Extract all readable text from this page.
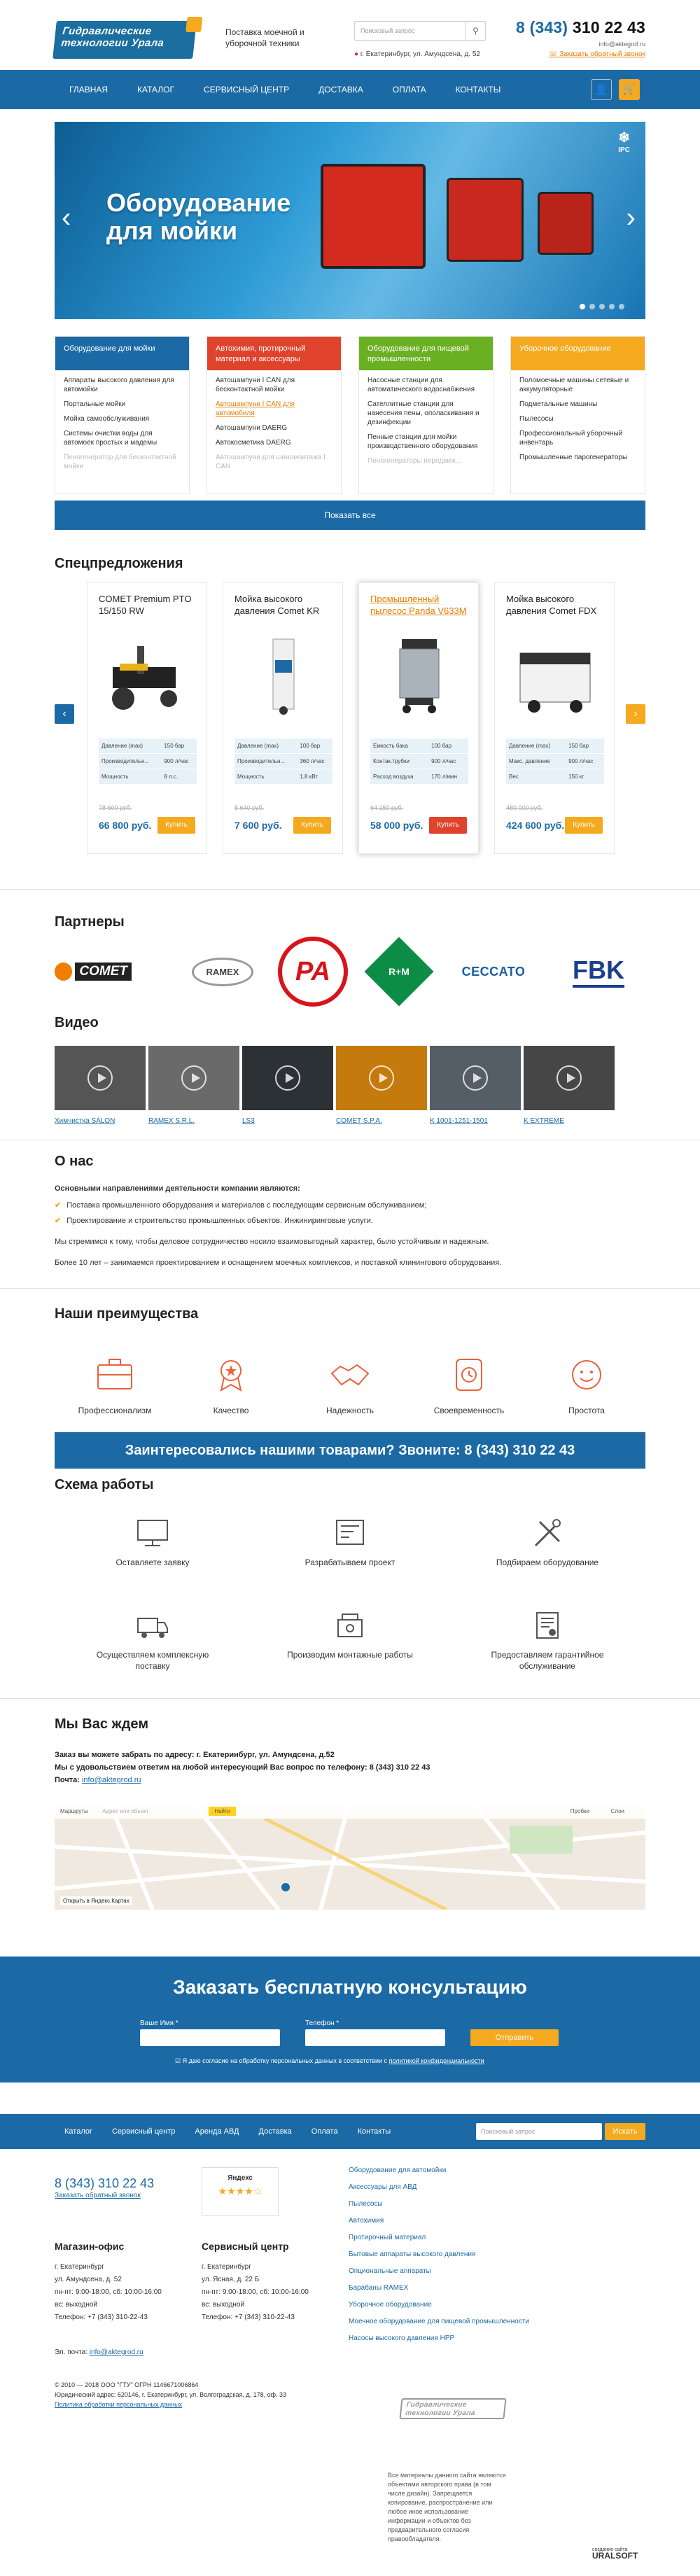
Гидравлические
технологии Урала
Поставка моечной и уборочной техники
Поисковый запрос	⚲
● г. Екатеринбург, ул. Амундсена, д. 52
8 (343) 310 22 43
info@aktegrof.ru
☏ Заказать обратный звонок
ГЛАВНАЯ	КАТАЛОГ	СЕРВИСНЫЙ ЦЕНТР	ДОСТАВКА	ОПЛАТА	КОНТАКТЫ	👤	🛒
Оборудование
для мойки
‹	›
❄
IPC
Оборудование для мойки
Аппараты высокого давления для автомойки
Портальные мойки
Мойка самообслуживания
Системы очистки воды для автомоек простых и мадемы
Пеногенератор для бесконтактной мойки
Автохимия, протирочный материал и аксессуары
Автошампуни I CAN для бесконтактной мойки
Автошампуни I CAN для автомобиля
Автошампуни DAERG
Автокосметика DAERG
Автошампуни для шиномонтажа I CAN
Оборудование для пищевой промышленности
Насосные станции для автоматического водоснабжения
Сателлитные станции для нанесения пены, ополаскивания и дезинфекции
Пенные станции для мойки производственного оборудования
Пеногенераторы передвиж...
Уборочное оборудование
Поломоечные машины сетевые и аккумуляторные
Подметальные машины
Пылесосы
Профессиональный уборочный инвентарь
Промышленные парогенераторы
Показать все
Спецпредложения
‹	›
COMET Premium PTO 15/150 RW
Давление (max)	150 бар
Производительн...	900 л/час
Мощность	8 л.с.
78 600 руб.
66 800 руб.	Купить
Мойка высокого давления Comet KR
Давление (max)	100 бар
Производительн...	360 л/час
Мощность	1,8 кВт
8 640 руб.
7 600 руб.	Купить
Промышленный пылесос Panda V633M
Емкость бака	100 бар
Контак.трубки	900 л/час
Расход воздуха	170 л/мин
64 150 руб.
58 000 руб.	Купить
Мойка высокого давления Comet FDX
Давление (max)	150 бар
Макс. давление	900 л/час
Вес	150 кг
480 000 руб.
424 600 руб.	Купить
Партнеры
COMET	RAMEX	PA	R+M	CECCATO FBK
Видео
Химчистка SALON	RAMEX S.R.L.	LS3	COMET S.P.A.	K 1001-1251-1501	K EXTREME
О нас

Основными направлениями деятельности компании являются:

✔ Поставка промышленного оборудования и материалов с последующим сервисным обслуживанием;
✔ Проектирование и строительство промышленных объектов. Инжиниринговые услуги.

Мы стремимся к тому, чтобы деловое сотрудничество носило взаимовыгодный характер, было устойчивым и надежным.

Более 10 лет – занимаемся проектированием и оснащением моечных комплексов, и поставкой клинингового оборудования.

Наши преимущества
Профессионализм	Качество	Надежность	Своевременность	Простота
Заинтересовались нашими товарами? Звоните: 8 (343) 310 22 43
Схема работы
Оставляете заявку	Разрабатываем проект	Подбираем оборудование
Осуществляем комплексную поставку
Производим монтажные работы	Предоставляем гарантийное обслуживание
Мы Вас ждем
Заказ вы можете забрать по адресу: г. Екатеринбург, ул. Амундсена, д.52
Мы с удовольствием ответим на любой интересующий Вас вопрос по телефону: 8 (343) 310 22 43
Почта: info@aktegrod.ru
Маршруты	Адрес или объект	Найти	Пробки	Слои
Открыть в Яндекс.Картах
Заказать бесплатную консультацию
Ваше Имя *	Телефон *
Отправить
☑ Я даю согласие на обработку персональных данных в соответствии с политикой конфиденциальности
Каталог	Сервисный центр	Аренда АВД	Доставка	Оплата	Контакты	Поисковый запрос	Искать
8 (343) 310 22 43
Заказать обратный звонок
Яндекс
★★★★☆
Магазин-офис
г. Екатеринбург
ул. Амундсена, д. 52
пн-пт: 9:00-18:00, сб: 10:00-16:00
вс: выходной
Телефон: +7 (343) 310-22-43
Сервисный центр
г. Екатеринбург
ул. Ясная, д. 22 Б
пн-пт: 9:00-18:00, сб: 10:00-16:00
вс: выходной
Телефон: +7 (343) 310-22-43
Эл. почта: info@aktegrod.ru
© 2010 — 2018 ООО "ГТУ" ОГРН 1146671006864
Юридический адрес: 620146, г. Екатеринбург, ул. Волгоградская, д. 178, оф. 33
Политика обработки персональных данных
Оборудование для автомойки
Аксессуары для АВД
Пылесосы
Автохимия
Протирочный материал
Бытовые аппараты высокого давления
Опциональные аппараты
Барабаны RAMEX
Уборочное оборудование
Моечное оборудование для пищевой промышленности
Насосы высокого давления HPP
Гидравлические
технологии Урала
Все материалы данного сайта являются объектами авторского права (в том числе дизайн). Запрещается копирование, распространение или любое иное использование информации и объектов без предварительного согласия правообладателя.
создание сайта
URALSOFT
